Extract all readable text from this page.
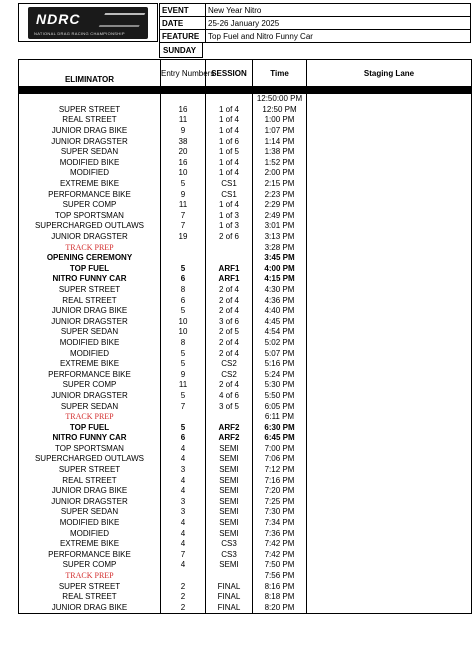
NDRC
NATIONAL DRAG RACING CHAMPIONSHIP
EVENT	New Year Nitro
DATE	25-26 January 2025
FEATURE	Top Fuel and Nitro Funny Car
SUNDAY
ELIMINATOR	Entry Numbers	SESSION	Time	Staging Lane

			12:50:00 PM	
SUPER STREET	16	1 of 4	12:50 PM	
REAL STREET	11	1 of 4	1:00 PM	
JUNIOR DRAG BIKE	9	1 of 4	1:07 PM	
JUNIOR DRAGSTER	38	1 of 6	1:14 PM	
SUPER SEDAN	20	1 of 5	1:38 PM	
MODIFIED BIKE	16	1 of 4	1:52 PM	
MODIFIED	10	1 of 4	2:00 PM	
EXTREME BIKE	5	CS1	2:15 PM	
PERFORMANCE BIKE	9	CS1	2:23 PM	
SUPER COMP	11	1 of 4	2:29 PM	
TOP SPORTSMAN	7	1 of 3	2:49 PM	
SUPERCHARGED OUTLAWS	7	1 of 3	3:01 PM	
JUNIOR DRAGSTER	19	2 of 6	3:13 PM	
TRACK PREP			3:28 PM	
OPENING CEREMONY			3:45 PM	
TOP FUEL	5	ARF1	4:00 PM	
NITRO FUNNY CAR	6	ARF1	4:15 PM	
SUPER STREET	8	2 of 4	4:30 PM	
REAL STREET	6	2 of 4	4:36 PM	
JUNIOR DRAG BIKE	5	2 of 4	4:40 PM	
JUNIOR DRAGSTER	10	3 of 6	4:45 PM	
SUPER SEDAN	10	2 of 5	4:54 PM	
MODIFIED BIKE	8	2 of 4	5:02 PM	
MODIFIED	5	2 of 4	5:07 PM	
EXTREME BIKE	5	CS2	5:16 PM	
PERFORMANCE BIKE	9	CS2	5:24 PM	
SUPER COMP	11	2 of 4	5:30 PM	
JUNIOR DRAGSTER	5	4 of 6	5:50 PM	
SUPER SEDAN	7	3 of 5	6:05 PM	
TRACK PREP			6:11 PM	
TOP FUEL	5	ARF2	6:30 PM	
NITRO FUNNY CAR	6	ARF2	6:45 PM	
TOP SPORTSMAN	4	SEMI	7:00 PM	
SUPERCHARGED OUTLAWS	4	SEMI	7:06 PM	
SUPER STREET	3	SEMI	7:12 PM	
REAL STREET	4	SEMI	7:16 PM	
JUNIOR DRAG BIKE	4	SEMI	7:20 PM	
JUNIOR DRAGSTER	3	SEMI	7:25 PM	
SUPER SEDAN	3	SEMI	7:30 PM	
MODIFIED BIKE	4	SEMI	7:34 PM	
MODIFIED	4	SEMI	7:36 PM	
EXTREME BIKE	4	CS3	7:42 PM	
PERFORMANCE BIKE	7	CS3	7:42 PM	
SUPER COMP	4	SEMI	7:50 PM	
TRACK PREP			7:56 PM	
SUPER STREET	2	FINAL	8:16 PM	
REAL STREET	2	FINAL	8:18 PM	
JUNIOR DRAG BIKE	2	FINAL	8:20 PM	
